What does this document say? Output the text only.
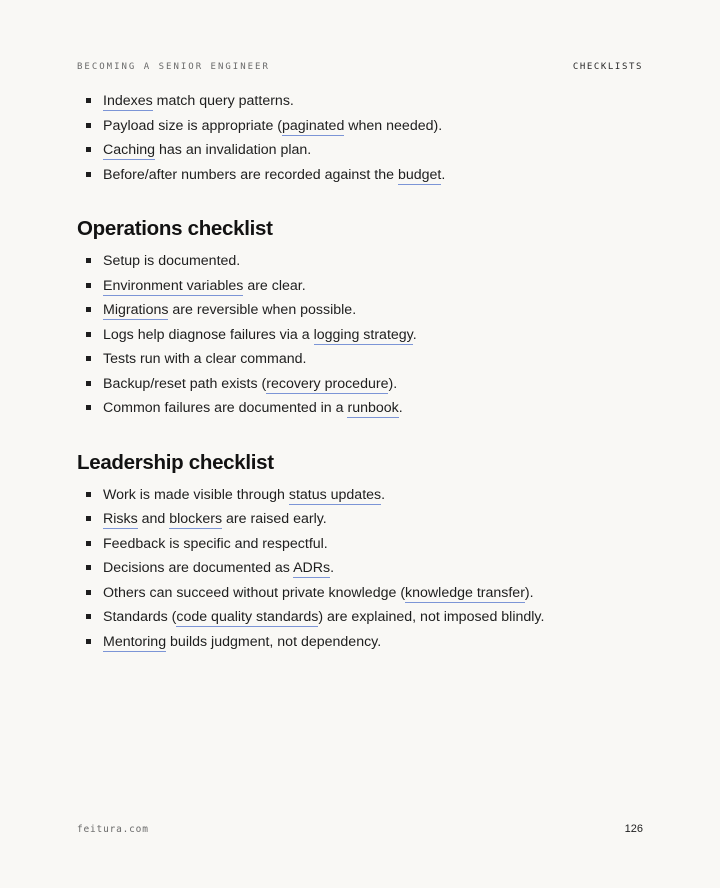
BECOMING A SENIOR ENGINEER	CHECKLISTS
Indexes match query patterns.
Payload size is appropriate (paginated when needed).
Caching has an invalidation plan.
Before/after numbers are recorded against the budget.
Operations checklist
Setup is documented.
Environment variables are clear.
Migrations are reversible when possible.
Logs help diagnose failures via a logging strategy.
Tests run with a clear command.
Backup/reset path exists (recovery procedure).
Common failures are documented in a runbook.
Leadership checklist
Work is made visible through status updates.
Risks and blockers are raised early.
Feedback is specific and respectful.
Decisions are documented as ADRs.
Others can succeed without private knowledge (knowledge transfer).
Standards (code quality standards) are explained, not imposed blindly.
Mentoring builds judgment, not dependency.
feitura.com	126
